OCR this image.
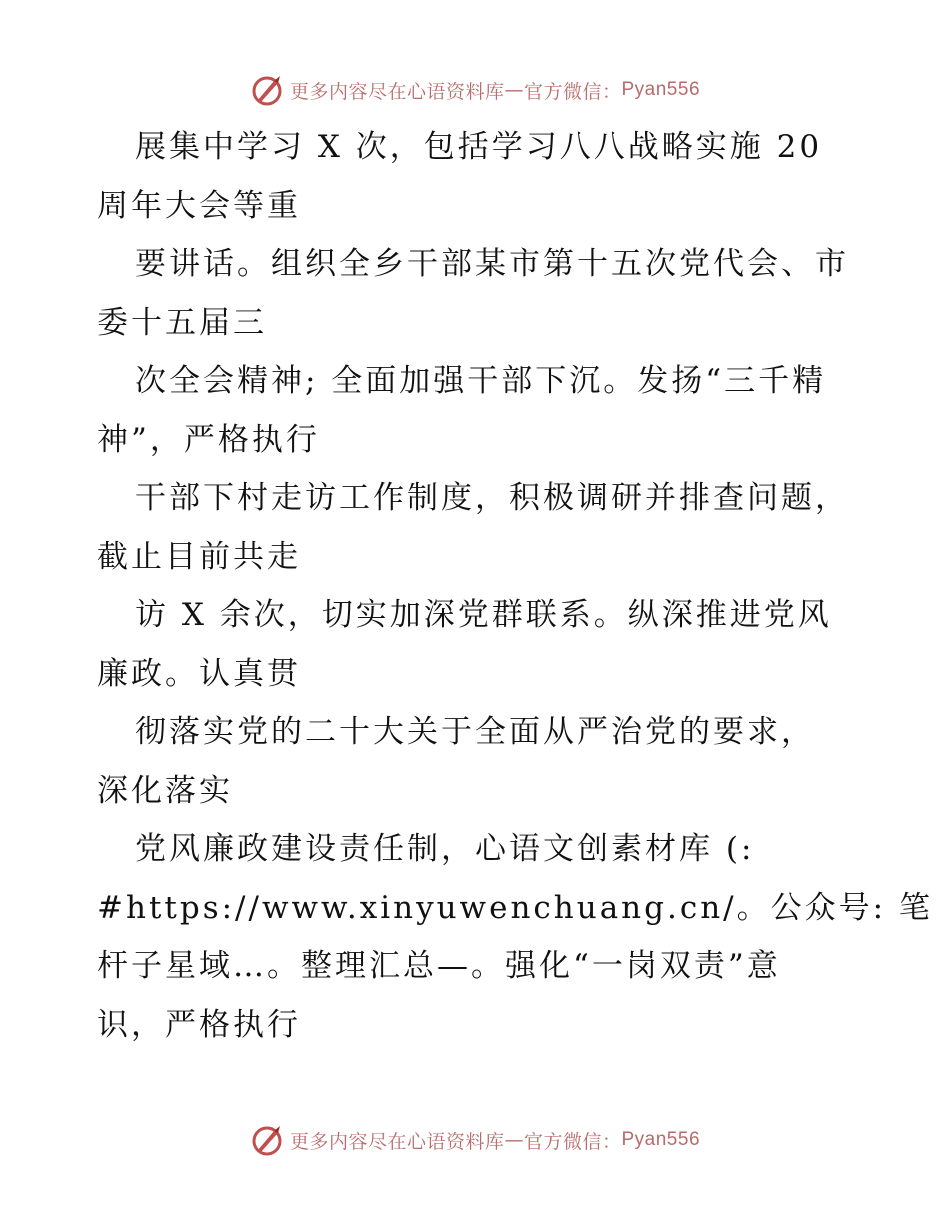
更多内容尽在心语资料库 — 官方微信： Pyan556
展集中学习 X 次，包括学习八八战略实施 20
周年大会等重
要讲话。组织全乡干部某市第十五次党代会、市
委十五届三
次全会精神; 全面加强干部下沉。发扬“三千精
神”，严格执行
干部下村走访工作制度，积极调研并排查问题，
截止目前共走
访 X 余次，切实加深党群联系。纵深推进党风
廉政。认真贯
彻落实党的二十大关于全面从严治党的要求，
深化落实
党风廉政建设责任制，心语文创素材库 (:
#https://www.xinyuwenchuang.cn/。公众号: 笔
杆子星域…。整理汇总—。强化“一岗双责”意
识，严格执行
更多内容尽在心语资料库 — 官方微信： Pyan556
